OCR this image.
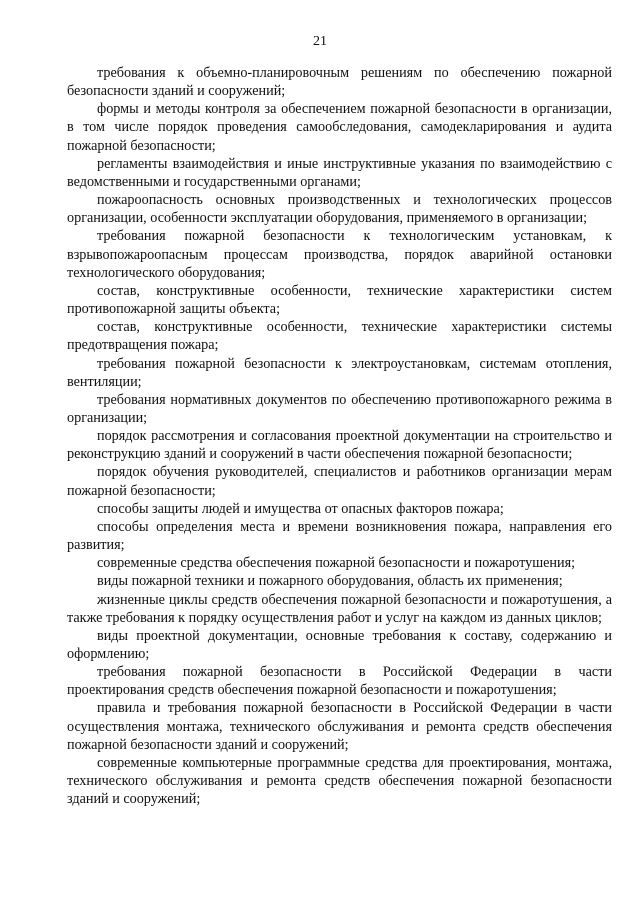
21

требования к объемно-планировочным решениям по обеспечению пожарной безопасности зданий и сооружений;

формы и методы контроля за обеспечением пожарной безопасности в организации, в том числе порядок проведения самообследования, самодекларирования и аудита пожарной безопасности;

регламенты взаимодействия и иные инструктивные указания по взаимодействию с ведомственными и государственными органами;

пожароопасность основных производственных и технологических процессов организации, особенности эксплуатации оборудования, применяемого в организации;

требования пожарной безопасности к технологическим установкам, к взрывопожароопасным процессам производства, порядок аварийной остановки технологического оборудования;

состав, конструктивные особенности, технические характеристики систем противопожарной защиты объекта;

состав, конструктивные особенности, технические характеристики системы предотвращения пожара;

требования пожарной безопасности к электроустановкам, системам отопления, вентиляции;

требования нормативных документов по обеспечению противопожарного режима в организации;

порядок рассмотрения и согласования проектной документации на строительство и реконструкцию зданий и сооружений в части обеспечения пожарной безопасности;

порядок обучения руководителей, специалистов и работников организации мерам пожарной безопасности;

способы защиты людей и имущества от опасных факторов пожара;

способы определения места и времени возникновения пожара, направления его развития;

современные средства обеспечения пожарной безопасности и пожаротушения;

виды пожарной техники и пожарного оборудования, область их применения;

жизненные циклы средств обеспечения пожарной безопасности и пожаротушения, а также требования к порядку осуществления работ и услуг на каждом из данных циклов;

виды проектной документации, основные требования к составу, содержанию и оформлению;

требования пожарной безопасности в Российской Федерации в части проектирования средств обеспечения пожарной безопасности и пожаротушения;

правила и требования пожарной безопасности в Российской Федерации в части осуществления монтажа, технического обслуживания и ремонта средств обеспечения пожарной безопасности зданий и сооружений;

современные компьютерные программные средства для проектирования, монтажа, технического обслуживания и ремонта средств обеспечения пожарной безопасности зданий и сооружений;
